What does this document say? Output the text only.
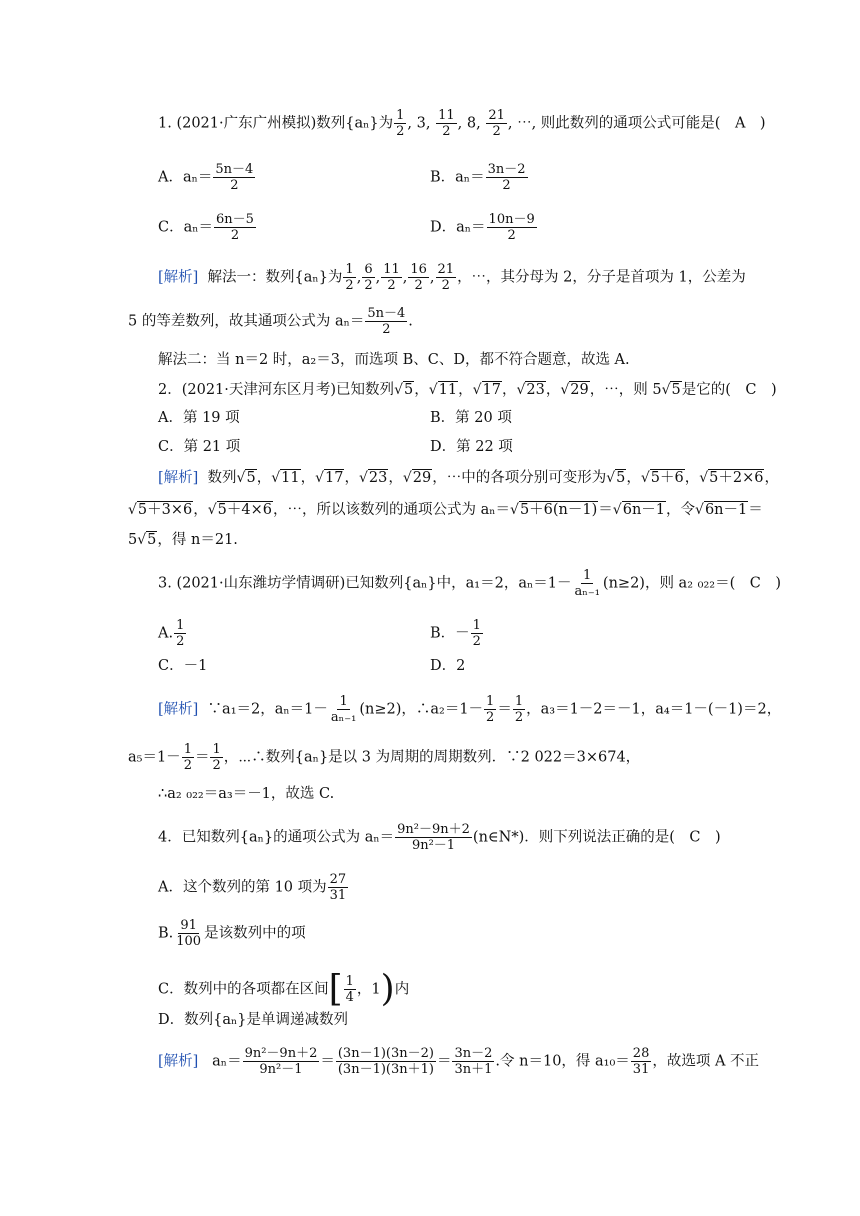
1. (2021·广东广州模拟)数列{aₙ}为 $\frac{1}{2}$ , 3, $\frac{11}{2}$ , 8, $\frac{21}{2}$ , ⋯, 则此数列的通项公式可能是(　A　)
A．$a_n= \frac{5n-4}{2}$	B．$a_n= \frac{3n-2}{2}$
C．$a_n= \frac{6n-5}{2}$	D．$a_n= \frac{10n-9}{2}$
[解析] 解法一：数列{aₙ}为 $\frac{1}{2}$ , $\frac{6}{2}$ , $\frac{11}{2}$ , $\frac{16}{2}$ , $\frac{21}{2}$ ，⋯，其分母为 2，分子是首项为 1，公差为
5 的等差数列，故其通项公式为 $a_n= \frac{5n-4}{2}$ .
解法二：当 n＝2 时，a₂＝3，而选项 B、C、D，都不符合题意，故选 A.
2．(2021·天津河东区月考)已知数列√5，√11，√17，√23，√29，⋯，则 5√5是它的(　C　)
A．第 19 项	B．第 20 项
C．第 21 项	D．第 22 项
[解析] 数列√5，√11，√17，√23，√29，⋯中的各项分别可变形为√5，√5＋6，√5＋2×6，
√5＋3×6，√5＋4×6，⋯，所以该数列的通项公式为 aₙ＝√5＋6(n－1)＝√6n－1，令√6n－1＝
5√5，得 n＝21.
3. (2021·山东潍坊学情调研)已知数列{aₙ}中，a₁＝2，$a_n=1- \frac{1}{\text{aₙ₋₁}} (n\ge 2)$，则 a₂ ₀₂₂＝(　C　)
A. $\frac{1}{2}$	B．－ $\frac{1}{2}$
C．－1	D．2
[解析] ∵a₁＝2，$a_n=1- \frac{1}{\text{aₙ₋₁}} (n\ge 2)$，∴a₂＝1－ $\frac{1}{2} = \frac{1}{2}$ ，a₃＝1－2＝－1，a₄＝1－(－1)＝2，
$a_5=1- \frac{1}{2} = \frac{1}{2}$ ，⋯∴数列{aₙ}是以 3 为周期的周期数列．∵2 022＝3×674，
∴a₂ ₀₂₂＝a₃＝－1，故选 C.
4．已知数列{aₙ}的通项公式为 $a_n= \frac{\text{9n²－9n＋2}}{\text{9n²－1}}$ (n∈N*)．则下列说法正确的是(　C　)
A．这个数列的第 10 项为 $\frac{27}{31}$
B. $\frac{91}{100}$ 是该数列中的项
C．数列中的各项都在区间[ $\frac{1}{4}$ ，1)内
D．数列{aₙ}是单调递减数列
[解析] $a_n= \frac{\text{9n²－9n＋2}}{\text{9n²－1}} = \frac{(3n-1)(3n-2)}{(3n-1)(3n+1)} = \frac{3n-2}{3n+1}$ .令 n＝10，得 $a_{10}= \frac{28}{31}$ ，故选项 A 不正
